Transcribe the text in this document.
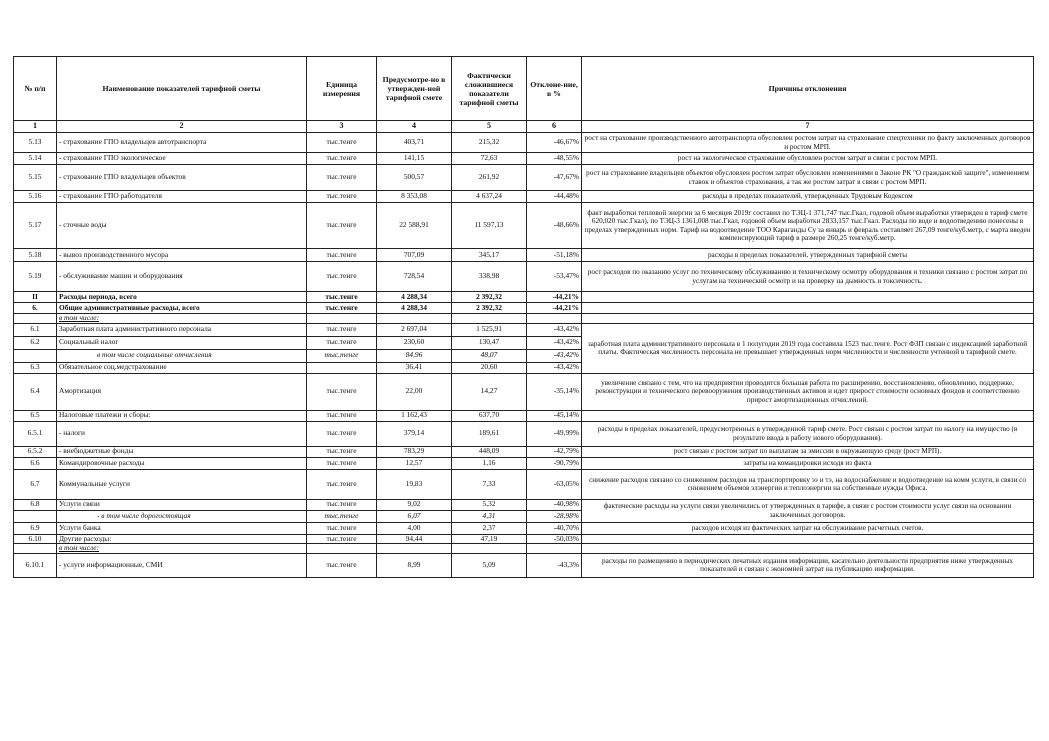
№ п/п	Наименование показателей тарифной сметы	Единица измерения	Предусмотре-но в утвержден-ной тарифной смете	Фактически сложившиеся показатели тарифной сметы	Отклоне-ние, в %	Причины отклонения
1	2	3	4	5	6	7
5.13	- страхование ГПО владельцев автотранспорта	тыс.тенге	403,71	215,32	-46,67%	рост на страхование производственного автотранспорта обусловлен ростом затрат на страхование спецтехники по факту заключенных договоров и ростом МРП.
5.14	- страхование ГПО экологическое	тыс.тенге	141,15	72,63	-48,55%	рост на экологическое страхование обусловлен ростом затрат в связи с ростом МРП.
5.15	- страхование ГПО владельцев объектов	тыс.тенге	500,57	261,92	-47,67%	рост на страхование владельцев объектов обусловлен ростом затрат обусловлен изменениями в Законе РК "О гражданской защите", изменением ставок и объектов страхования, а так же ростом затрат в связи с ростом МРП.
5.16	- страхование ГПО работодателя	тыс.тенге	8 353,08	4 637,24	-44,48%	расходы в пределах показателей, утвержденных Трудовым Кодексом
5.17	- сточные воды	тыс.тенге	22 588,91	11 597,13	-48,66%	факт выработки тепловой энергии за 6 месяцев 2019г составил по ТЭЦ-1 371,747 тыс.Гкал, годовой объем выработки утвержден в тариф смете 620,020 тыс.Гкал), по ТЭЦ-3 1361,008 тыс.Гкал, годовой объем выработки 2833,157 тыс.Гкал. Расходы по воде и водоотведению понесены в пределах утвержденных норм. Тариф на водоотведение ТОО Караганды Су за январь и февраль составляет 267,09 тенге/куб.метр, с марта введен компенсирующий тариф в размере 260,25 тенге/куб.метр.
5.18	- вывоз производственного мусора	тыс.тенге	707,09	345,17	-51,18%	расходы в пределах показателей, утвержденных тарифной сметы
5.19	- обслуживание машин и оборудования	тыс.тенге	728,54	338,98	-53,47%	рост расходов по оказанию услуг по техническому обслуживанию и техническому осмотру оборудования и техники связано с ростом затрат по услугам на технический осмотр и на проверку на дымность и токсичность.
II	Расходы периода, всего	тыс.тенге	4 288,34	2 392,32	-44,21%	
6.	Общие административные расходы, всего	тыс.тенге	4 288,34	2 392,32	-44,21%	
	в том числе:					
6.1	Заработная плата административного персонала	тыс.тенге	2 697,04	1 525,91	-43,42%	заработная плата административного персонала в 1 полугодии 2019 года составила 1523 тыс.тенге. Рост ФЗП связан с индексацией заработной платы. Фактическая численность персонала не превышает утвержденных норм численности и численности учтенной в тарифной смете.
6.2	Социальный налог	тыс.тенге	230,60	130,47	-43,42%	
	в том числе социальные отчисления	тыс.тенге	84,96	48,07	-43,42%	
6.3	Обязательное соц.медстрахование		36,41	20,60	-43,42%	
6.4	Амортизация	тыс.тенге	22,00	14,27	-35,14%	увеличение связано с тем, что на предприятии проводится большая работа по расширению, восстановлению, обновлению, поддержке, реконструкции и технического перевооружения производственных активов и идет прирост стоимости основных фондов и соответственно прирост амортизационных отчислений.
6.5	Налоговые платежи и сборы:	тыс.тенге	1 162,43	637,70	-45,14%	
6.5.1	- налоги	тыс.тенге	379,14	189,61	-49,99%	расходы в пределах показателей, предусмотренных в утвержденной тариф смете. Рост связан с ростом затрат по налогу на имущество (в результате ввода в работу нового оборудования).
6.5.2	- внебюджетные фонды	тыс.тенге	783,29	448,09	-42,79%	рост связан с ростом затрат по выплатам за эмиссии в окружающую среду (рост МРП).
6.6	Командировочные расходы	тыс.тенге	12,57	1,16	-90,79%	затраты на командировки исходя из факта
6.7	Коммунальные услуги	тыс.тенге	19,83	7,33	-63,05%	снижение расходов связано со снижением расходов на транспортировку ээ и тэ, на водоснабжение и водоотведение на комм услуги, в связи со снижением объемов элэнергии и теплоэнергии на собственные нужды Офиса.
6.8	Услуги связи	тыс.тенге	9,02	5,32	-40,98%	фактические расходы на услуги связи увеличились от утвержденных в тарифе, в связи с ростом стоимости услуг связи на основании заключенных договоров.
	- в том числе дорогостоящая	тыс.тенге	6,07	4,31	-28,98%	
6.9	Услуги банка	тыс.тенге	4,00	2,37	-40,70%	расходов исходя из фактических затрат на обслуживание расчетных счетов.
6.10	Другие расходы:	тыс.тенге	94,44	47,19	-50,03%	
	в том числе:					
6.10.1	- услуги информационные, СМИ	тыс.тенге	8,99	5,09	-43,3%	расходы по размещению в периодических печатных издания информации, касательно деятельности предприятия ниже утвержденных показателей и связан с экономией затрат на публикацию информации.
